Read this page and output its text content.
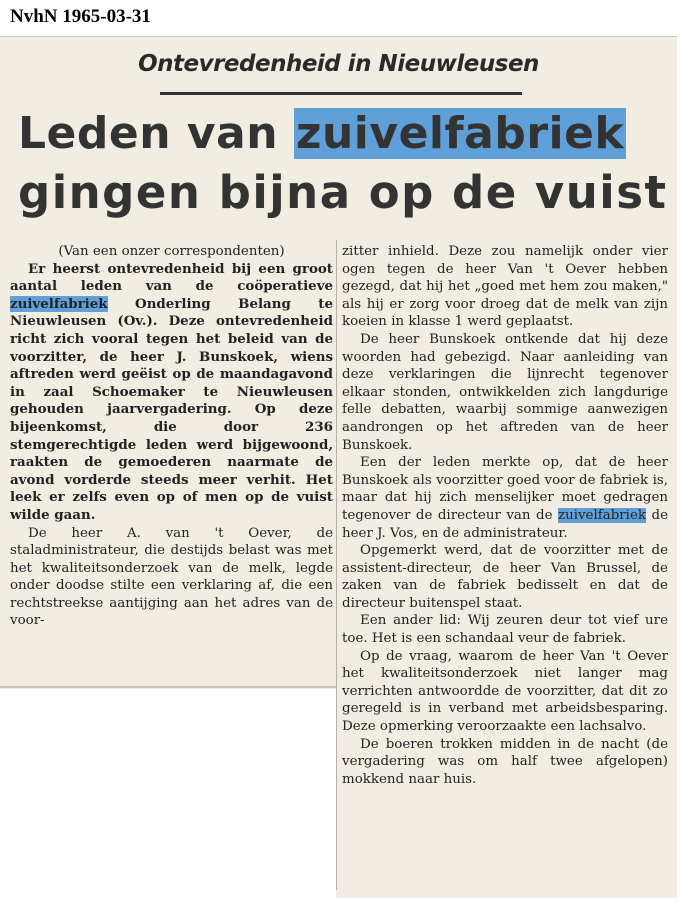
NvhN 1965-03-31
Ontevredenheid in Nieuwleusen
Leden van zuivelfabriek
gingen bijna op de vuist

(Van een onzer correspondenten)

Er heerst ontevredenheid bij een groot aantal leden van de coöperatieve zuivelfabriek Onderling Belang te Nieuwleusen (Ov.). Deze ontevredenheid richt zich vooral tegen het beleid van de voorzitter, de heer J. Bunskoek, wiens aftreden werd geëist op de maandagavond in zaal Schoemaker te Nieuwleusen gehouden jaarvergadering. Op deze bijeenkomst, die door 236 stemgerechtigde leden werd bijgewoond, raakten de gemoederen naarmate de avond vorderde steeds meer verhit. Het leek er zelfs even op of men op de vuist wilde gaan.

De heer A. van 't Oever, de staladministrateur, die destijds belast was met het kwaliteitsonderzoek van de melk, legde onder doodse stilte een verklaring af, die een rechtstreekse aantijging aan het adres van de voor-

zitter inhield. Deze zou namelijk onder vier ogen tegen de heer Van 't Oever hebben gezegd, dat hij het „goed met hem zou maken," als hij er zorg voor droeg dat de melk van zijn koeien in klasse 1 werd geplaatst.

De heer Bunskoek ontkende dat hij deze woorden had gebezigd. Naar aanleiding van deze verklaringen die lijnrecht tegenover elkaar stonden, ontwikkelden zich langdurige felle debatten, waarbij sommige aanwezigen aandrongen op het aftreden van de heer Bunskoek.

Een der leden merkte op, dat de heer Bunskoek als voorzitter goed voor de fabriek is, maar dat hij zich menselijker moet gedragen tegenover de directeur van de zuivelfabriek de heer J. Vos, en de administrateur.

Opgemerkt werd, dat de voorzitter met de assistent-directeur, de heer Van Brussel, de zaken van de fabriek bedisselt en dat de directeur buitenspel staat.

Een ander lid: Wij zeuren deur tot vief ure toe. Het is een schandaal veur de fabriek.

Op de vraag, waarom de heer Van 't Oever het kwaliteitsonderzoek niet langer mag verrichten antwoordde de voorzitter, dat dit zo geregeld is in verband met arbeidsbesparing. Deze opmerking veroorzaakte een lachsalvo.

De boeren trokken midden in de nacht (de vergadering was om half twee afgelopen) mokkend naar huis.
